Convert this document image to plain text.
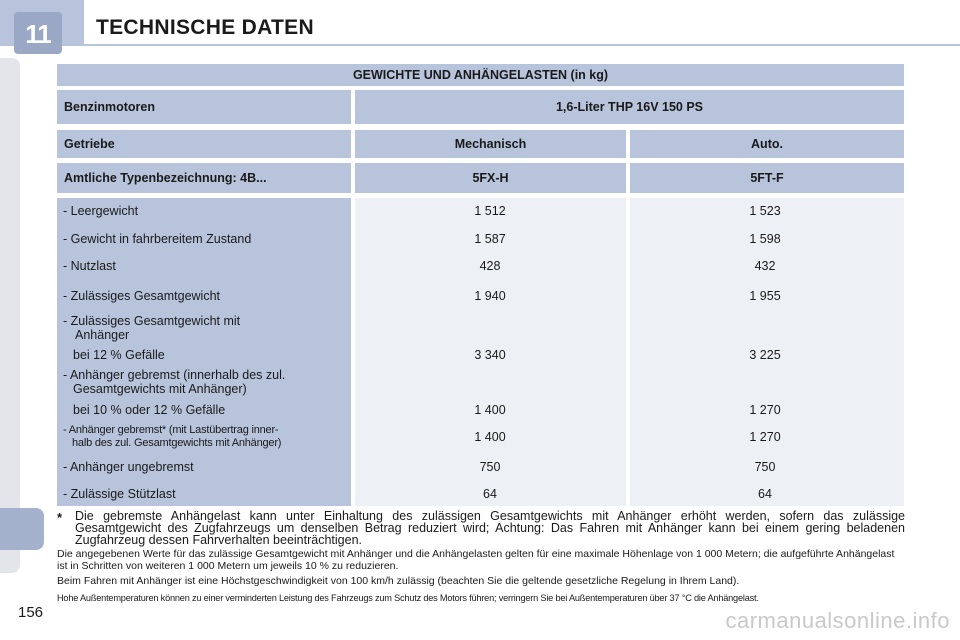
11	TECHNISCHE DATEN
156
GEWICHTE UND ANHÄNGELASTEN (in kg)
Benzinmotoren	1,6-Liter THP 16V 150 PS
Getriebe	Mechanisch	Auto.
Amtliche Typenbezeichnung: 4B...	5FX-H	5FT-F
- Leergewicht	1 512	1 523
- Gewicht in fahrbereitem Zustand	1 587	1 598
- Nutzlast	428	432
- Zulässiges Gesamtgewicht	1 940	1 955
- Zulässiges Gesamtgewicht mit
Anhänger
bei 12 % Gefälle	3 340	3 225
- Anhänger gebremst (innerhalb des zul.
Gesamtgewichts mit Anhänger)
bei 10 % oder 12 % Gefälle	1 400	1 270
- Anhänger gebremst* (mit Lastübertrag inner-
halb des zul. Gesamtgewichts mit Anhänger)	1 400	1 270
- Anhänger ungebremst	750	750
- Zulässige Stützlast	64	64
* Die gebremste Anhängelast kann unter Einhaltung des zulässigen Gesamtgewichts mit Anhänger erhöht werden, sofern das zulässige Gesamtgewicht des Zugfahrzeugs um denselben Betrag reduziert wird; Achtung: Das Fahren mit Anhänger kann bei einem gering beladenen Zugfahrzeug dessen Fahrverhalten beeinträchtigen.
Die angegebenen Werte für das zulässige Gesamtgewicht mit Anhänger und die Anhängelasten gelten für eine maximale Höhenlage von 1 000 Metern; die aufgeführte Anhängelast ist in Schritten von weiteren 1 000 Metern um jeweils 10 % zu reduzieren.
Beim Fahren mit Anhänger ist eine Höchstgeschwindigkeit von 100 km/h zulässig (beachten Sie die geltende gesetzliche Regelung in Ihrem Land).
Hohe Außentemperaturen können zu einer verminderten Leistung des Fahrzeugs zum Schutz des Motors führen; verringern Sie bei Außentemperaturen über 37 °C die Anhängelast.
carmanualsonline.info
